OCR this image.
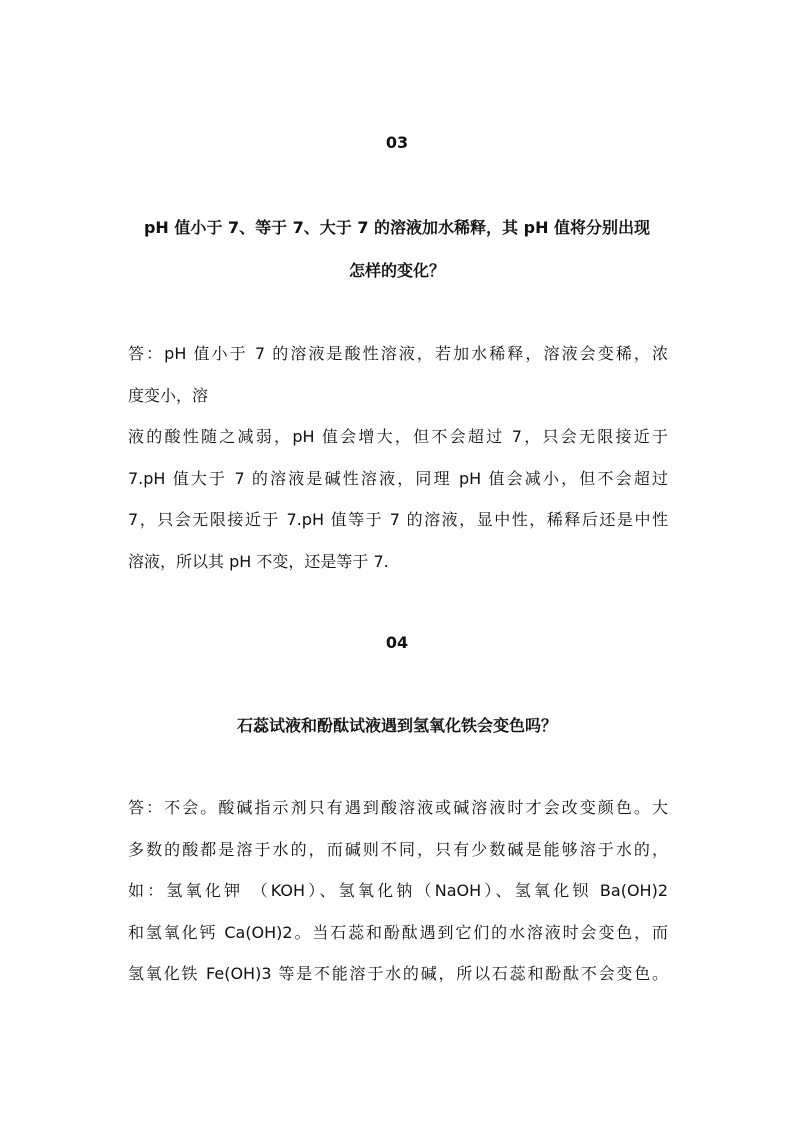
03
pH 值小于 7、等于 7、大于 7 的溶液加水稀释，其 pH 值将分别出现
怎样的变化？
答：pH 值小于 7 的溶液是酸性溶液，若加水稀释，溶液会变稀，浓
度变小，溶
液的酸性随之减弱，pH 值会增大，但不会超过 7，只会无限接近于
7.pH 值大于 7 的溶液是碱性溶液，同理 pH 值会减小，但不会超过
7，只会无限接近于 7.pH 值等于 7 的溶液，显中性，稀释后还是中性
溶液，所以其 pH 不变，还是等于 7.
04
石蕊试液和酚酞试液遇到氢氧化铁会变色吗？
答：不会。酸碱指示剂只有遇到酸溶液或碱溶液时才会改变颜色。大
多数的酸都是溶于水的，而碱则不同，只有少数碱是能够溶于水的，
如：氢氧化钾 （KOH）、氢氧化钠（NaOH）、氢氧化钡 Ba(OH)2
和氢氧化钙 Ca(OH)2。当石蕊和酚酞遇到它们的水溶液时会变色，而
氢氧化铁 Fe(OH)3 等是不能溶于水的碱，所以石蕊和酚酞不会变色。
